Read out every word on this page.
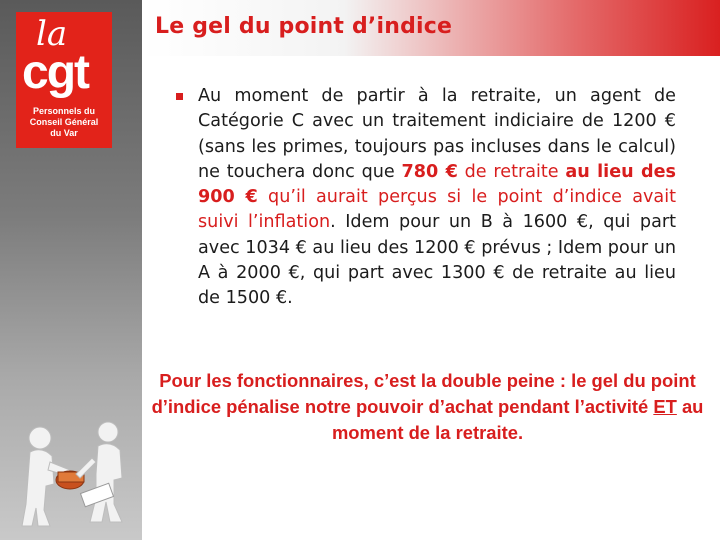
Le gel du point d’indice
la
cgt
Personnels du
Conseil Général
du Var
Au moment de partir à la retraite, un agent de Catégorie C avec un traitement indiciaire de 1200 € (sans les primes, toujours pas incluses dans le calcul) ne touchera donc que 780 € de retraite au lieu des 900 € qu’il aurait perçus si le point d’indice avait suivi l’inflation. Idem pour un B à 1600 €, qui part avec 1034 € au lieu des 1200 € prévus ; Idem pour un A à 2000 €, qui part avec 1300 € de retraite au lieu de 1500 €.

Pour les fonctionnaires, c’est la double peine : le gel du point d’indice pénalise notre pouvoir d’achat pendant l’activité ET au moment de la retraite.
